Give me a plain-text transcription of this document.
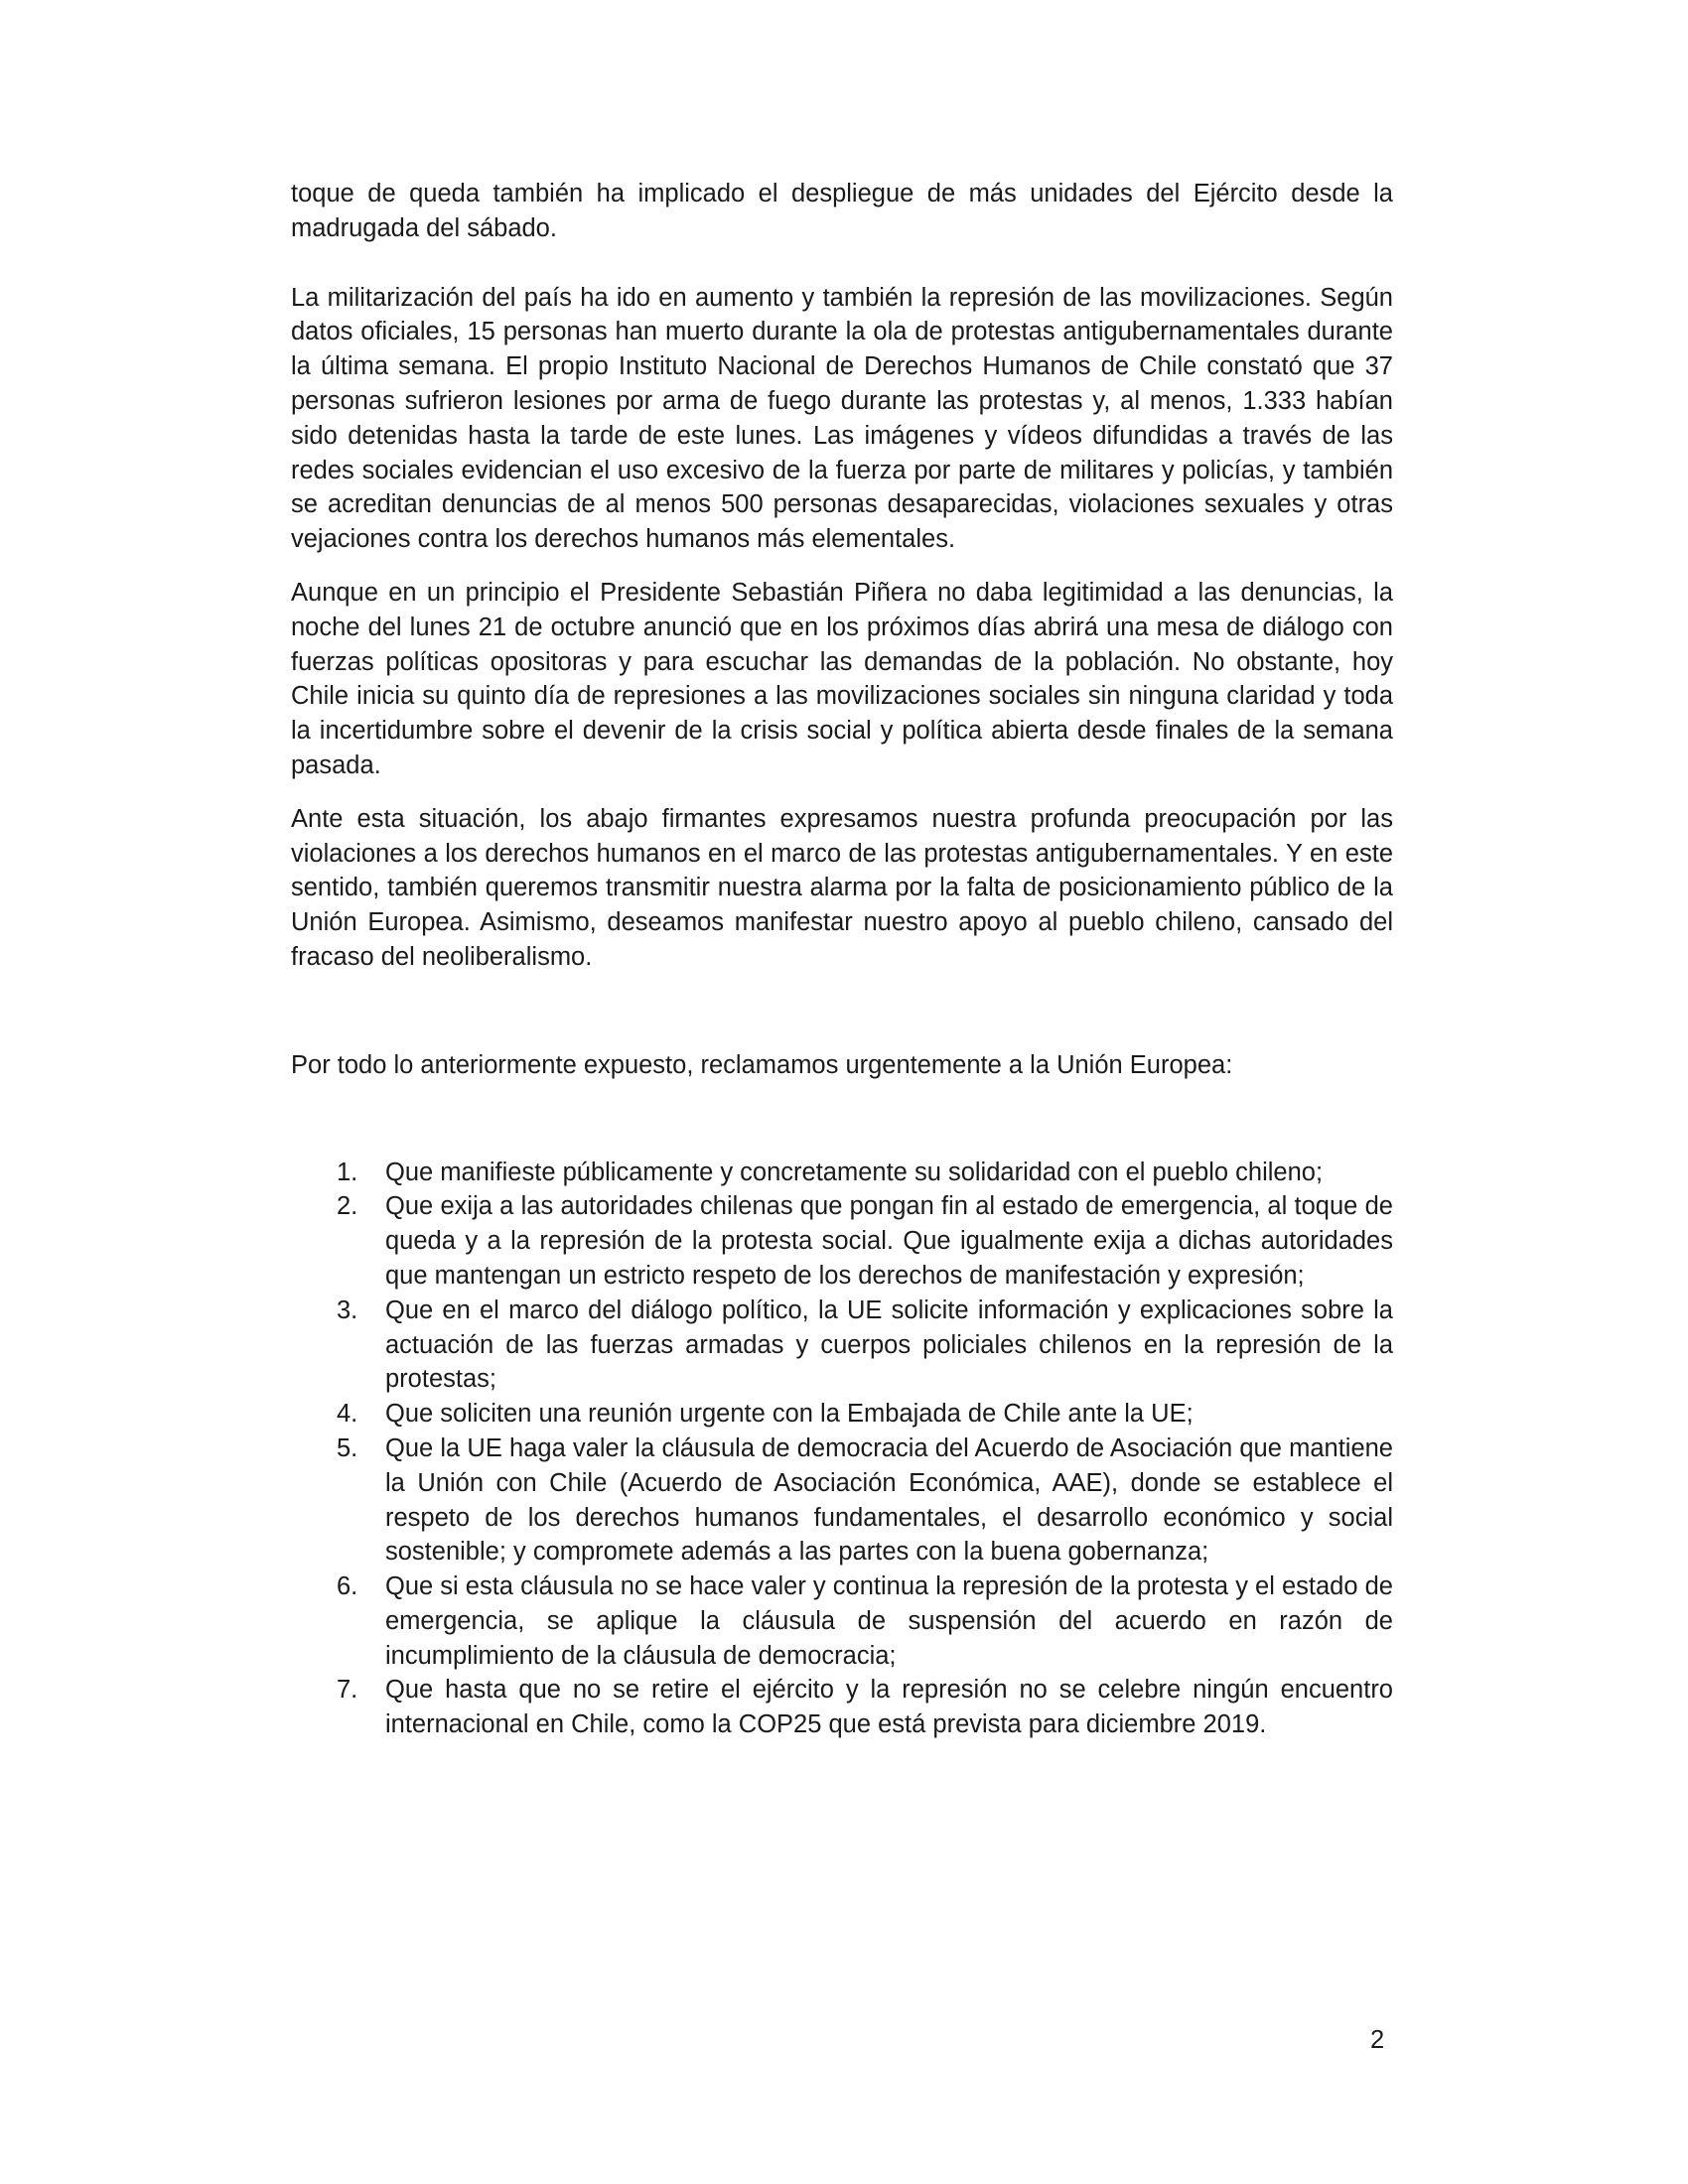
toque de queda también ha implicado el despliegue de más unidades del Ejército desde la madrugada del sábado.

La militarización del país ha ido en aumento y también la represión de las movilizaciones. Según datos oficiales, 15 personas han muerto durante la ola de protestas antigubernamentales durante la última semana. El propio Instituto Nacional de Derechos Humanos de Chile constató que 37 personas sufrieron lesiones por arma de fuego durante las protestas y, al menos, 1.333 habían sido detenidas hasta la tarde de este lunes. Las imágenes y vídeos difundidas a través de las redes sociales evidencian el uso excesivo de la fuerza por parte de militares y policías, y también se acreditan denuncias de al menos 500 personas desaparecidas, violaciones sexuales y otras vejaciones contra los derechos humanos más elementales.

Aunque en un principio el Presidente Sebastián Piñera no daba legitimidad a las denuncias, la noche del lunes 21 de octubre anunció que en los próximos días abrirá una mesa de diálogo con fuerzas políticas opositoras y para escuchar las demandas de la población. No obstante, hoy Chile inicia su quinto día de represiones a las movilizaciones sociales sin ninguna claridad y toda la incertidumbre sobre el devenir de la crisis social y política abierta desde finales de la semana pasada.

Ante esta situación, los abajo firmantes expresamos nuestra profunda preocupación por las violaciones a los derechos humanos en el marco de las protestas antigubernamentales. Y en este sentido, también queremos transmitir nuestra alarma por la falta de posicionamiento público de la Unión Europea. Asimismo, deseamos manifestar nuestro apoyo al pueblo chileno, cansado del fracaso del neoliberalismo.

Por todo lo anteriormente expuesto, reclamamos urgentemente a la Unión Europea:

1. Que manifieste públicamente y concretamente su solidaridad con el pueblo chileno;
2. Que exija a las autoridades chilenas que pongan fin al estado de emergencia, al toque de queda y a la represión de la protesta social. Que igualmente exija a dichas autoridades que mantengan un estricto respeto de los derechos de manifestación y expresión;
3. Que en el marco del diálogo político, la UE solicite información y explicaciones sobre la actuación de las fuerzas armadas y cuerpos policiales chilenos en la represión de la protestas;
4. Que soliciten una reunión urgente con la Embajada de Chile ante la UE;
5. Que la UE haga valer la cláusula de democracia del Acuerdo de Asociación que mantiene la Unión con Chile (Acuerdo de Asociación Económica, AAE), donde se establece el respeto de los derechos humanos fundamentales, el desarrollo económico y social sostenible; y compromete además a las partes con la buena gobernanza;
6. Que si esta cláusula no se hace valer y continua la represión de la protesta y el estado de emergencia, se aplique la cláusula de suspensión del acuerdo en razón de incumplimiento de la cláusula de democracia;
7. Que hasta que no se retire el ejército y la represión no se celebre ningún encuentro internacional en Chile, como la COP25 que está prevista para diciembre 2019.
2
